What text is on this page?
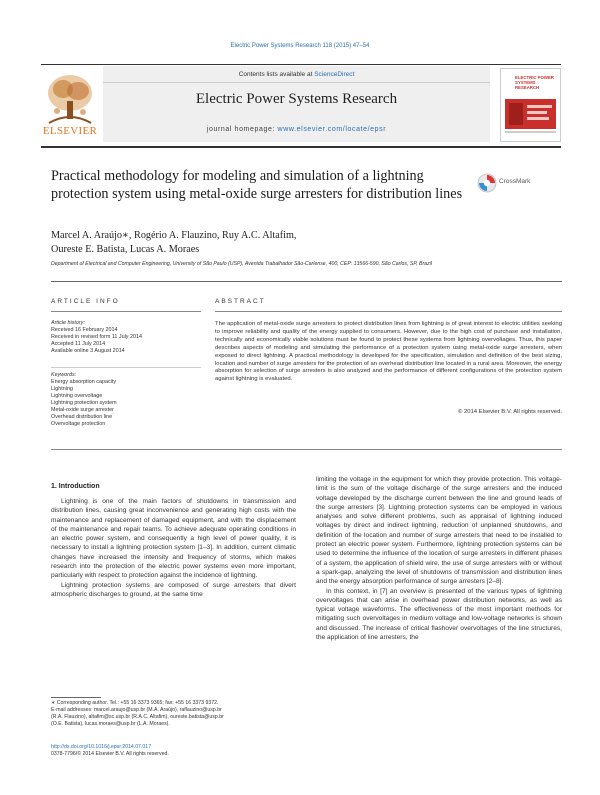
Electric Power Systems Research 118 (2015) 47–54
ELSEVIER
Contents lists available at ScienceDirect
Electric Power Systems Research
journal homepage: www.elsevier.com/locate/epsr
ELECTRIC POWER SYSTEMS RESEARCH
Practical methodology for modeling and simulation of a lightning protection system using metal-oxide surge arresters for distribution lines
CrossMark
Marcel A. Araújo∗, Rogério A. Flauzino, Ruy A.C. Altafim,
Oureste E. Batista, Lucas A. Moraes
Department of Electrical and Computer Engineering, University of São Paulo (USP), Avenida Trabalhador São-Carlense, 400, CEP: 13566-590, São Carlos, SP, Brazil
ARTICLE INFO
Article history:
Received 16 February 2014
Received in revised form 11 July 2014
Accepted 11 July 2014
Available online 3 August 2014
Keywords:
Energy absorption capacity
Lightning
Lightning overvoltage
Lightning protection system
Metal-oxide surge arrester
Overhead distribution line
Overvoltage protection
ABSTRACT
The application of metal-oxide surge arresters to protect distribution lines from lightning is of great interest to electric utilities seeking to improve reliability and quality of the energy supplied to consumers. However, due to the high cost of purchase and installation, technically and economically viable solutions must be found to protect these systems from lightning overvoltages. Thus, this paper describes aspects of modeling and simulating the performance of a protection system using metal-oxide surge arresters, when exposed to direct lightning. A practical methodology is developed for the specification, simulation and definition of the best sizing, location and number of surge arresters for the protection of an overhead distribution line located in a rural area. Moreover, the energy absorption for selection of surge arresters is also analyzed and the performance of different configurations of the protection system against lightning is evaluated.
© 2014 Elsevier B.V. All rights reserved.
1. Introduction
Lightning is one of the main factors of shutdowns in transmission and distribution lines, causing great inconvenience and generating high costs with the maintenance and replacement of damaged equipment, and with the displacement of the maintenance and repair teams. To achieve adequate operating conditions in an electric power system, and consequently a high level of power quality, it is necessary to install a lightning protection system [1–3]. In addition, current climatic changes have increased the intensity and frequency of storms, which makes research into the protection of the electric power systems even more important, particularly with respect to protection against the incidence of lightning.
Lightning protection systems are composed of surge arresters that divert atmospheric discharges to ground, at the same time
limiting the voltage in the equipment for which they provide protection. This voltage-limit is the sum of the voltage discharge of the surge arresters and the induced voltage developed by the discharge current between the line and ground leads of the surge arresters [3]. Lightning protection systems can be employed in various analyses and solve different problems, such as appraisal of lightning induced voltages by direct and indirect lightning, reduction of unplanned shutdowns, and definition of the location and number of surge arresters that need to be installed to protect an electric power system. Furthermore, lightning protection systems can be used to determine the influence of the location of surge arresters in different phases of a system, the application of shield wire, the use of surge arresters with or without a spark-gap, analyzing the level of shutdowns of transmission and distribution lines and the energy absorption performance of surge arresters [2–8].
In this context, in [7] an overview is presented of the various types of lightning overvoltages that can arise in overhead power distribution networks, as well as typical voltage waveforms. The effectiveness of the most important methods for mitigating such overvoltages in medium voltage and low-voltage networks is shown and discussed. The increase of critical flashover overvoltages of the line structures, the application of line arresters, the
∗ Corresponding author. Tel.: +55 16 3373 9365; fax: +55 16 3373 9372.
E-mail addresses: marcel.araujo@usp.br (M.A. Araújo), raflauzino@usp.br
(R.A. Flauzino), altafim@sc.usp.br (R.A.C. Altafim), oureste.batista@usp.br
(O.E. Batista), lucas.moraes@usp.br (L.A. Moraes).
http://dx.doi.org/10.1016/j.epsr.2014.07.017
0378-7796/© 2014 Elsevier B.V. All rights reserved.
